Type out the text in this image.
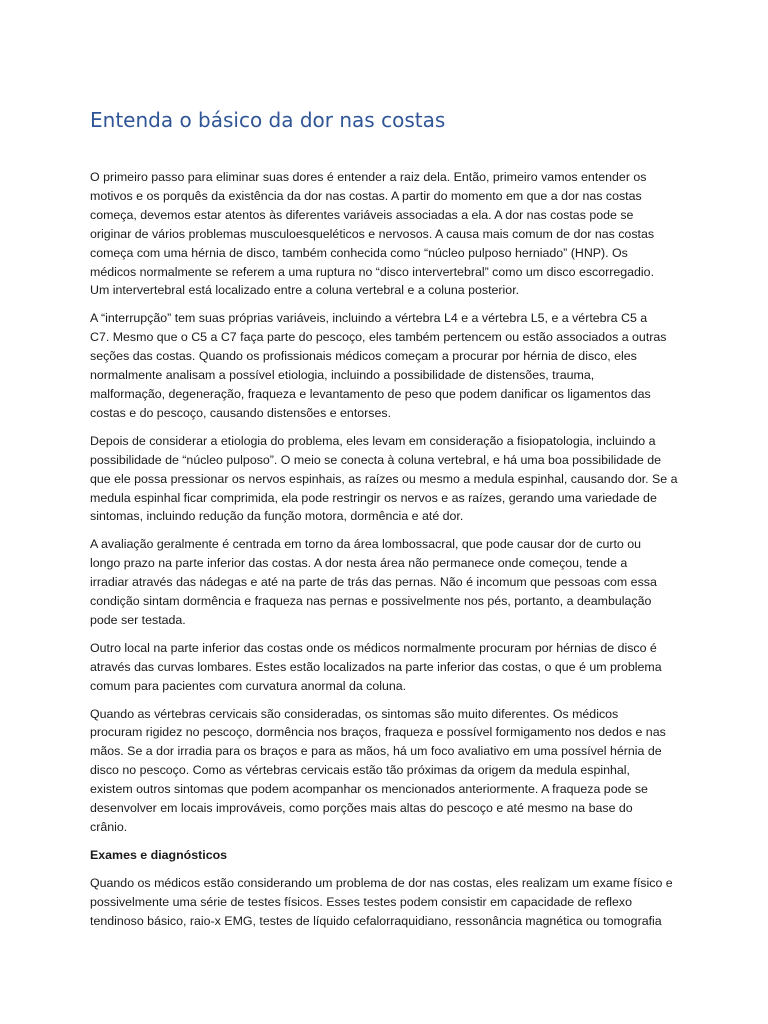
Entenda o básico da dor nas costas
O primeiro passo para eliminar suas dores é entender a raiz dela. Então, primeiro vamos entender os
motivos e os porquês da existência da dor nas costas. A partir do momento em que a dor nas costas
começa, devemos estar atentos às diferentes variáveis associadas a ela. A dor nas costas pode se
originar de vários problemas musculoesqueléticos e nervosos. A causa mais comum de dor nas costas
começa com uma hérnia de disco, também conhecida como “núcleo pulposo herniado” (HNP). Os
médicos normalmente se referem a uma ruptura no “disco intervertebral” como um disco escorregadio.
Um intervertebral está localizado entre a coluna vertebral e a coluna posterior.
A “interrupção” tem suas próprias variáveis, incluindo a vértebra L4 e a vértebra L5, e a vértebra C5 a
C7. Mesmo que o C5 a C7 faça parte do pescoço, eles também pertencem ou estão associados a outras
seções das costas. Quando os profissionais médicos começam a procurar por hérnia de disco, eles
normalmente analisam a possível etiologia, incluindo a possibilidade de distensões, trauma,
malformação, degeneração, fraqueza e levantamento de peso que podem danificar os ligamentos das
costas e do pescoço, causando distensões e entorses.
Depois de considerar a etiologia do problema, eles levam em consideração a fisiopatologia, incluindo a
possibilidade de “núcleo pulposo”. O meio se conecta à coluna vertebral, e há uma boa possibilidade de
que ele possa pressionar os nervos espinhais, as raízes ou mesmo a medula espinhal, causando dor. Se a
medula espinhal ficar comprimida, ela pode restringir os nervos e as raízes, gerando uma variedade de
sintomas, incluindo redução da função motora, dormência e até dor.
A avaliação geralmente é centrada em torno da área lombossacral, que pode causar dor de curto ou
longo prazo na parte inferior das costas. A dor nesta área não permanece onde começou, tende a
irradiar através das nádegas e até na parte de trás das pernas. Não é incomum que pessoas com essa
condição sintam dormência e fraqueza nas pernas e possivelmente nos pés, portanto, a deambulação
pode ser testada.
Outro local na parte inferior das costas onde os médicos normalmente procuram por hérnias de disco é
através das curvas lombares. Estes estão localizados na parte inferior das costas, o que é um problema
comum para pacientes com curvatura anormal da coluna.
Quando as vértebras cervicais são consideradas, os sintomas são muito diferentes. Os médicos
procuram rigidez no pescoço, dormência nos braços, fraqueza e possível formigamento nos dedos e nas
mãos. Se a dor irradia para os braços e para as mãos, há um foco avaliativo em uma possível hérnia de
disco no pescoço. Como as vértebras cervicais estão tão próximas da origem da medula espinhal,
existem outros sintomas que podem acompanhar os mencionados anteriormente. A fraqueza pode se
desenvolver em locais improváveis, como porções mais altas do pescoço e até mesmo na base do
crânio.
Exames e diagnósticos
Quando os médicos estão considerando um problema de dor nas costas, eles realizam um exame físico e
possivelmente uma série de testes físicos. Esses testes podem consistir em capacidade de reflexo
tendinoso básico, raio-x EMG, testes de líquido cefalorraquidiano, ressonância magnética ou tomografia
